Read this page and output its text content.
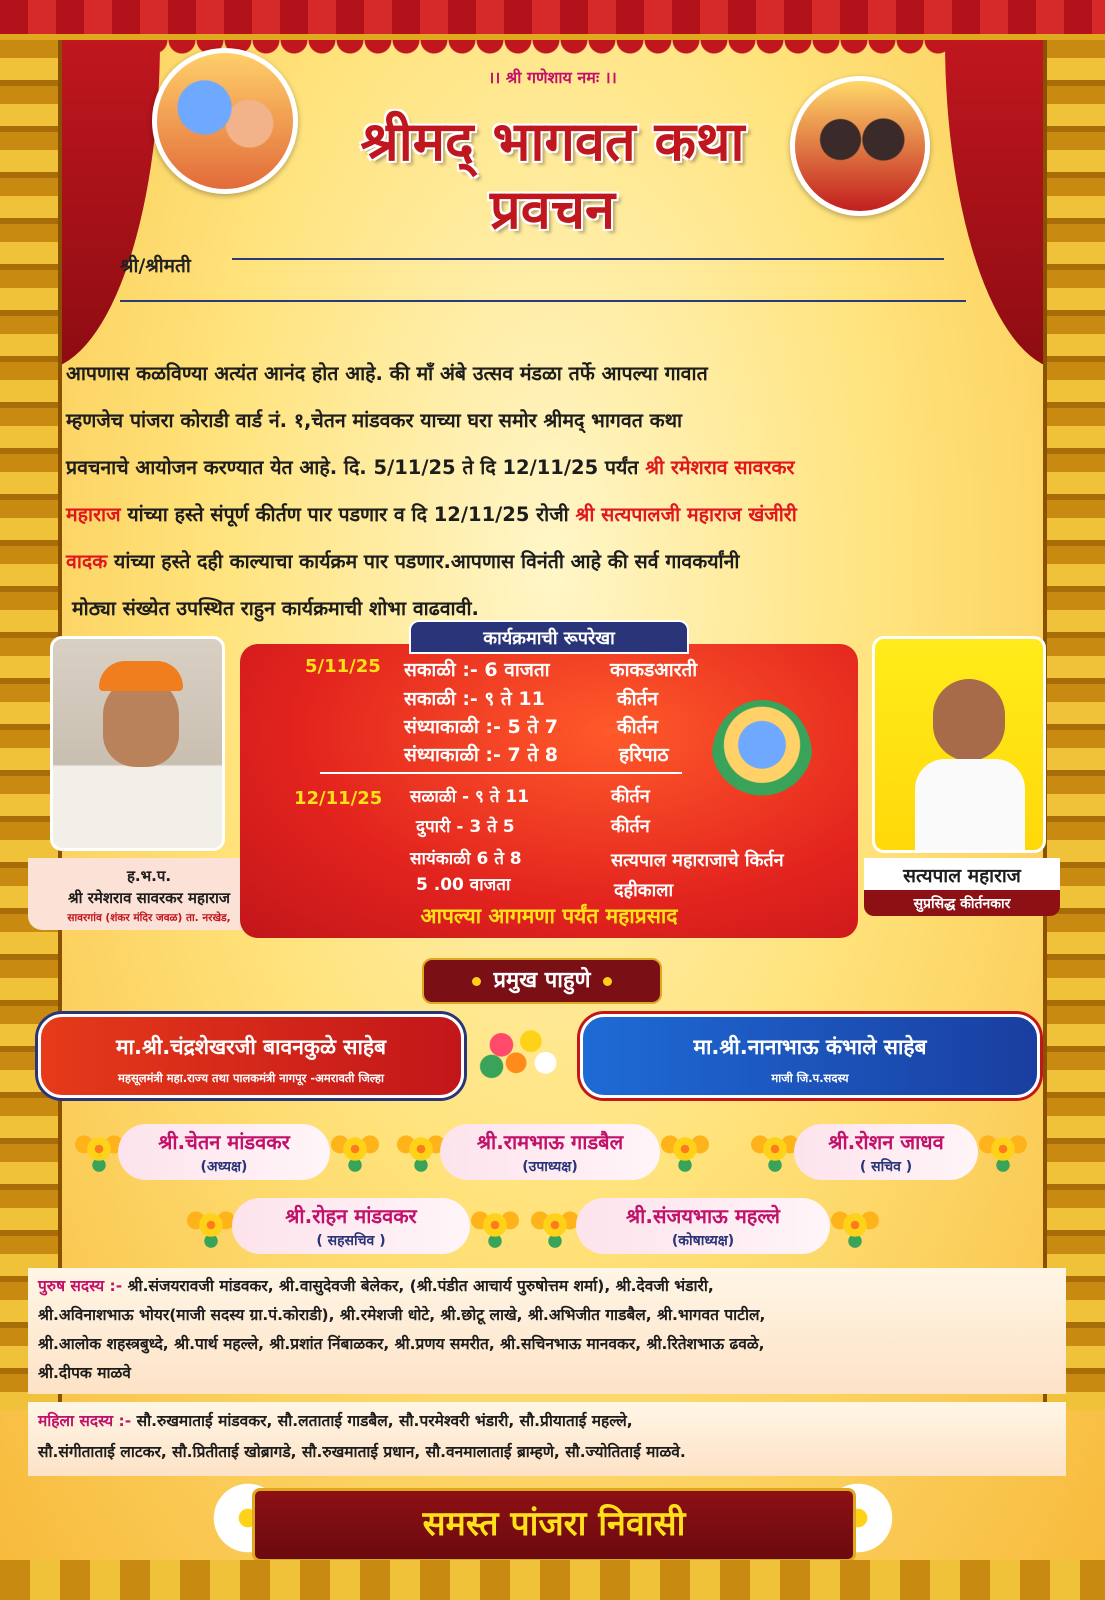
।। श्री गणेशाय नमः ।।
श्रीमद् भागवत कथा
प्रवचन
श्री/श्रीमती
आपणास कळविण्या अत्यंत आनंद होत आहे. की माँ अंबे उत्सव मंडळा तर्फे आपल्या गावात
म्हणजेच पांजरा कोराडी वार्ड नं. १,चेतन मांडवकर याच्या घरा समोर श्रीमद् भागवत कथा
प्रवचनाचे आयोजन करण्यात येत आहे. दि. 5/11/25 ते दि 12/11/25 पर्यंत श्री रमेशराव सावरकर
महाराज यांच्या हस्ते संपूर्ण कीर्तण पार पडणार व दि 12/11/25 रोजी श्री सत्यपालजी महाराज खंजीरी
वादक यांच्या हस्ते दही काल्याचा कार्यक्रम पार पडणार.आपणास विनंती आहे की सर्व गावकर्यांनी
मोठ्या संख्येत उपस्थित राहुन कार्यक्रमाची शोभा वाढवावी.
ह.भ.प.
श्री रमेशराव सावरकर महाराज
सावरगांव (शंकर मंदिर जवळ) ता. नरखेड,
सत्यपाल महाराज
सुप्रसिद्ध कीर्तनकार
कार्यक्रमाची रूपरेखा
5/11/25 सकाळी :- 6 वाजता	काकडआरती
सकाळी :- ९ ते 11	कीर्तन
संध्याकाळी :- 5 ते 7	कीर्तन
संध्याकाळी :- 7 ते 8	हरिपाठ
12/11/25 सळाळी - ९ ते 11	कीर्तन
दुपारी - 3 ते 5	कीर्तन
सायंकाळी 6 ते 8	सत्यपाल महाराजाचे किर्तन
5 .00 वाजता	दहीकाला
आपल्या आगमणा पर्यंत महाप्रसाद
प्रमुख पाहुणे
मा.श्री.चंद्रशेखरजी बावनकुळे साहेब
महसूलमंत्री महा.राज्य तथा पालकमंत्री नागपूर -अमरावती जिल्हा
मा.श्री.नानाभाऊ कंभाले साहेब
माजी जि.प.सदस्य
श्री.चेतन मांडवकर
(अध्यक्ष)
श्री.रामभाऊ गाडबैल
(उपाध्यक्ष)
श्री.रोशन जाधव
( सचिव )
श्री.रोहन मांडवकर
( सहसचिव )
श्री.संजयभाऊ महल्ले
(कोषाध्यक्ष)
पुरुष सदस्य :- श्री.संजयरावजी मांडवकर, श्री.वासुदेवजी बेलेकर, (श्री.पंडीत आचार्य पुरुषोत्तम शर्मा), श्री.देवजी भंडारी,
श्री.अविनाशभाऊ भोयर(माजी सदस्य ग्रा.पं.कोराडी), श्री.रमेशजी धोटे, श्री.छोटू लाखे, श्री.अभिजीत गाडबैल, श्री.भागवत पाटील,
श्री.आलोक शहस्त्रबुध्दे, श्री.पार्थ महल्ले, श्री.प्रशांत निंबाळकर, श्री.प्रणय समरीत, श्री.सचिनभाऊ मानवकर, श्री.रितेशभाऊ ढवळे,
श्री.दीपक माळवे
महिला सदस्य :- सौ.रुखमाताई मांडवकर, सौ.लताताई गाडबैल, सौ.परमेश्वरी भंडारी, सौ.प्रीयाताई महल्ले,
सौ.संगीताताई लाटकर, सौ.प्रितीताई खोब्रागडे, सौ.रुखमाताई प्रधान, सौ.वनमालाताई ब्राम्हणे, सौ.ज्योतिताई माळवे.
समस्त पांजरा निवासी
